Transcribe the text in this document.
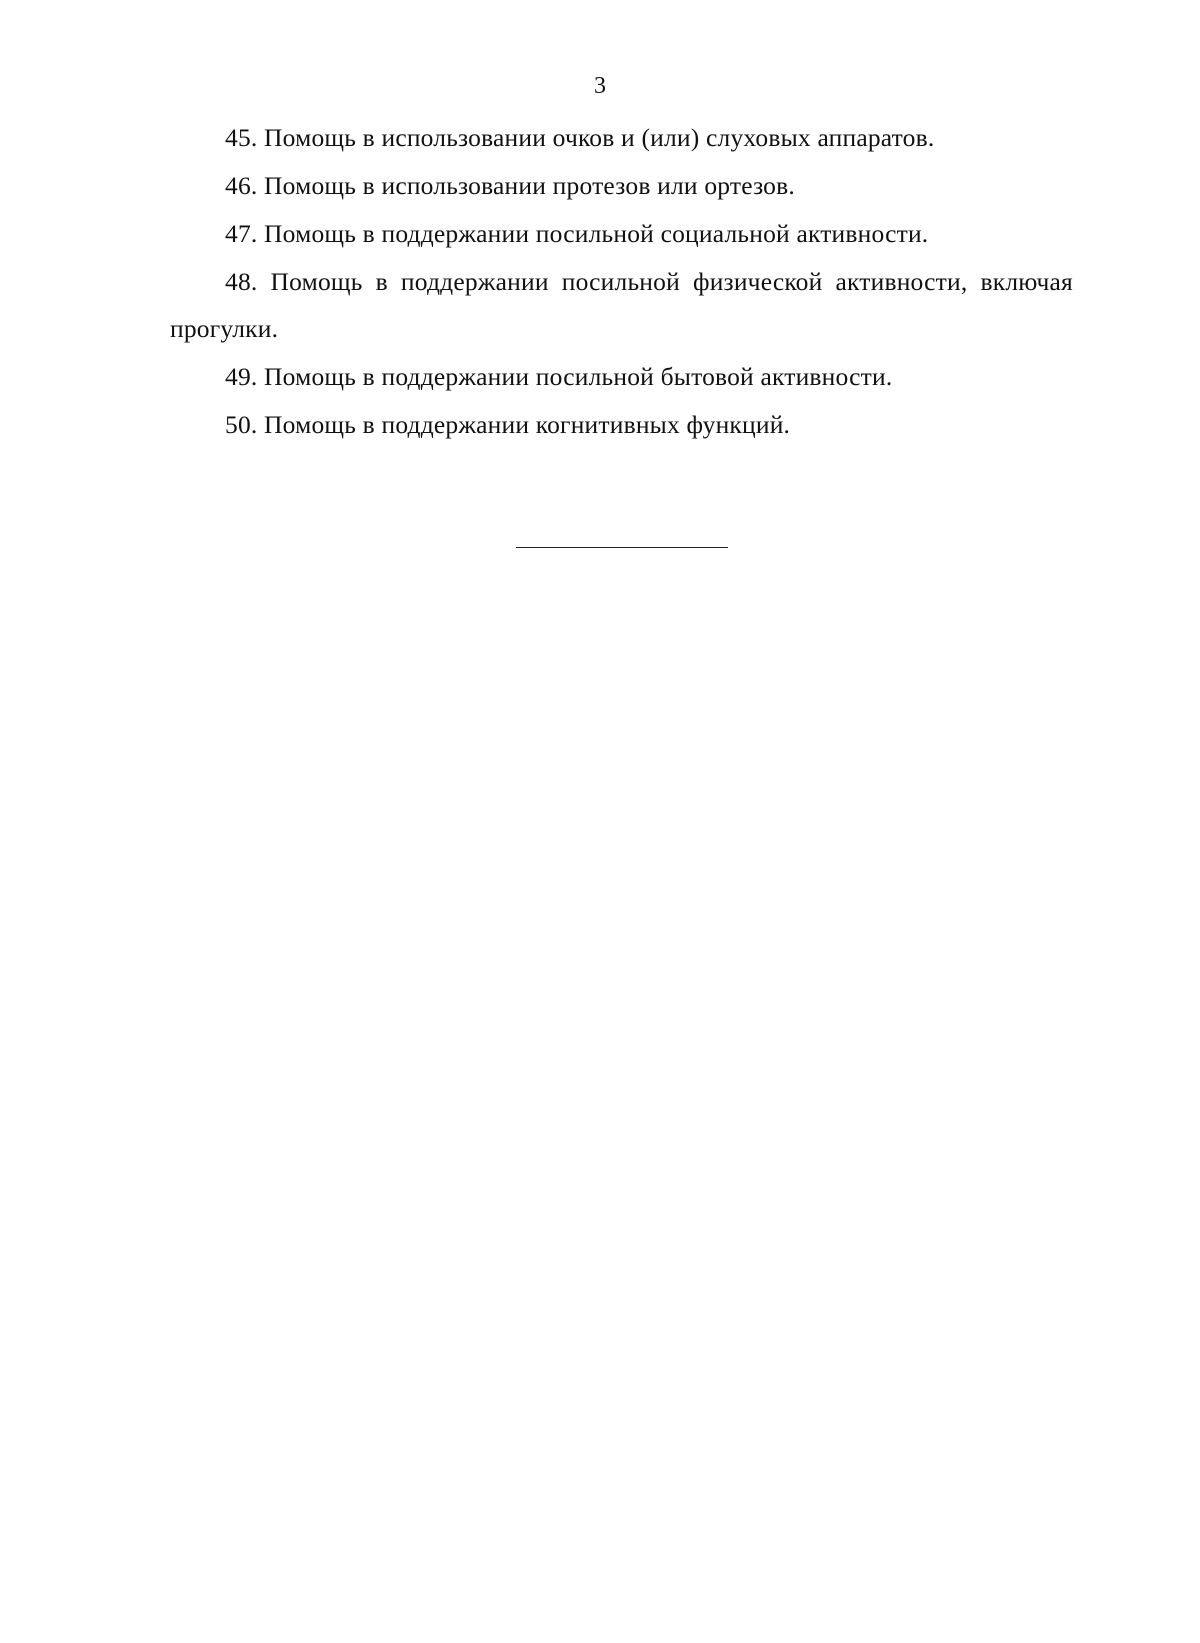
3

45. Помощь в использовании очков и (или) слуховых аппаратов.

46. Помощь в использовании протезов или ортезов.

47. Помощь в поддержании посильной социальной активности.

48. Помощь в поддержании посильной физической активности, включая прогулки.

49. Помощь в поддержании посильной бытовой активности.

50. Помощь в поддержании когнитивных функций.
